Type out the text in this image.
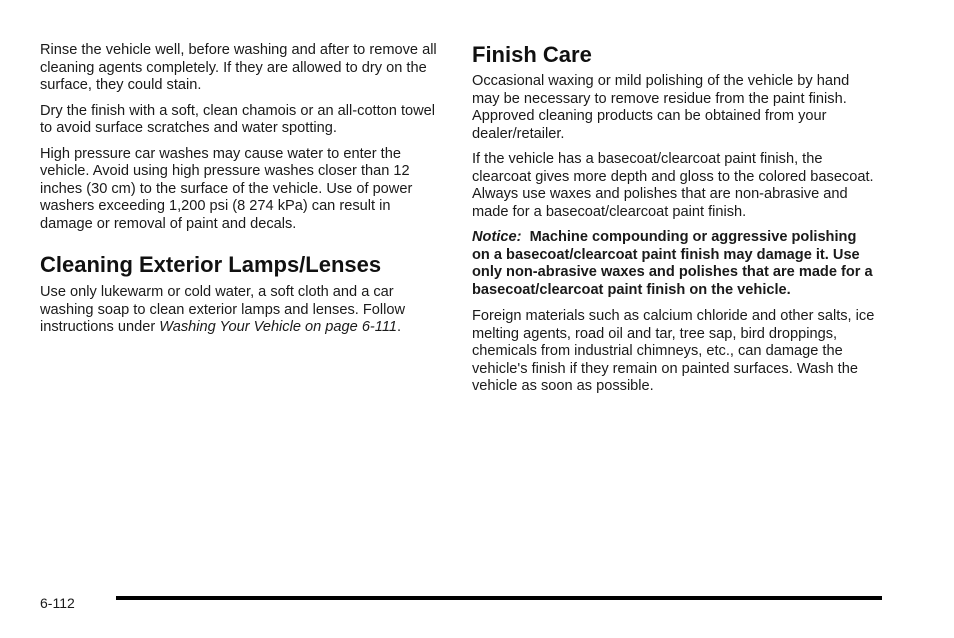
Rinse the vehicle well, before washing and after to remove all cleaning agents completely. If they are allowed to dry on the surface, they could stain.

Dry the finish with a soft, clean chamois or an all-cotton towel to avoid surface scratches and water spotting.

High pressure car washes may cause water to enter the vehicle. Avoid using high pressure washes closer than 12 inches (30 cm) to the surface of the vehicle. Use of power washers exceeding 1,200 psi (8 274 kPa) can result in damage or removal of paint and decals.

Cleaning Exterior Lamps/Lenses

Use only lukewarm or cold water, a soft cloth and a car washing soap to clean exterior lamps and lenses. Follow instructions under Washing Your Vehicle on page 6-111.

Finish Care

Occasional waxing or mild polishing of the vehicle by hand may be necessary to remove residue from the paint finish. Approved cleaning products can be obtained from your dealer/retailer.

If the vehicle has a basecoat/clearcoat paint finish, the clearcoat gives more depth and gloss to the colored basecoat. Always use waxes and polishes that are non-abrasive and made for a basecoat/clearcoat paint finish.

Notice: Machine compounding or aggressive polishing on a basecoat/clearcoat paint finish may damage it. Use only non-abrasive waxes and polishes that are made for a basecoat/clearcoat paint finish on the vehicle.

Foreign materials such as calcium chloride and other salts, ice melting agents, road oil and tar, tree sap, bird droppings, chemicals from industrial chimneys, etc., can damage the vehicle's finish if they remain on painted surfaces. Wash the vehicle as soon as possible.

6-112
